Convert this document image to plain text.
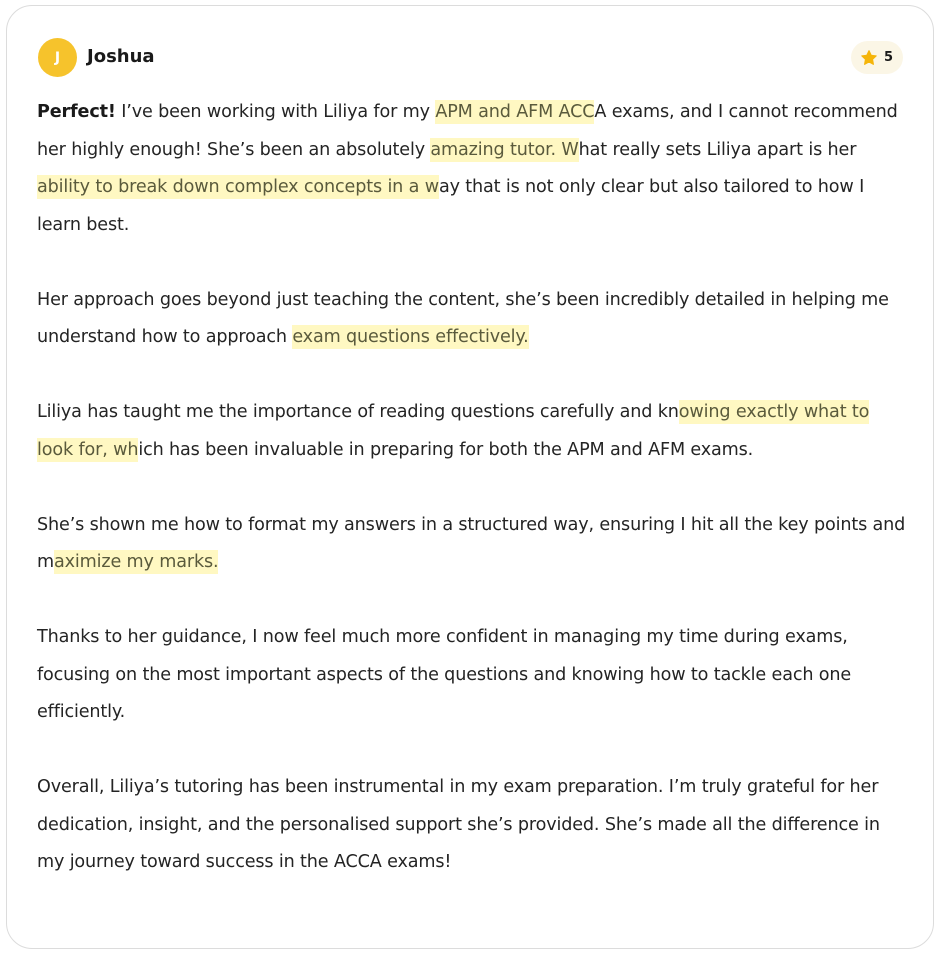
J Joshua	5

Perfect! I’ve been working with Liliya for my APM and AFM ACCA exams, and I cannot recommend her highly enough! She’s been an absolutely amazing tutor. What really sets Liliya apart is her ability to break down complex concepts in a way that is not only clear but also tailored to how I learn best.

Her approach goes beyond just teaching the content, she’s been incredibly detailed in helping me understand how to approach exam questions effectively.

Liliya has taught me the importance of reading questions carefully and knowing exactly what to look for, which has been invaluable in preparing for both the APM and AFM exams.

She’s shown me how to format my answers in a structured way, ensuring I hit all the key points and maximize my marks.

Thanks to her guidance, I now feel much more confident in managing my time during exams, focusing on the most important aspects of the questions and knowing how to tackle each one efficiently.

Overall, Liliya’s tutoring has been instrumental in my exam preparation. I’m truly grateful for her dedication, insight, and the personalised support she’s provided. She’s made all the difference in my journey toward success in the ACCA exams!
